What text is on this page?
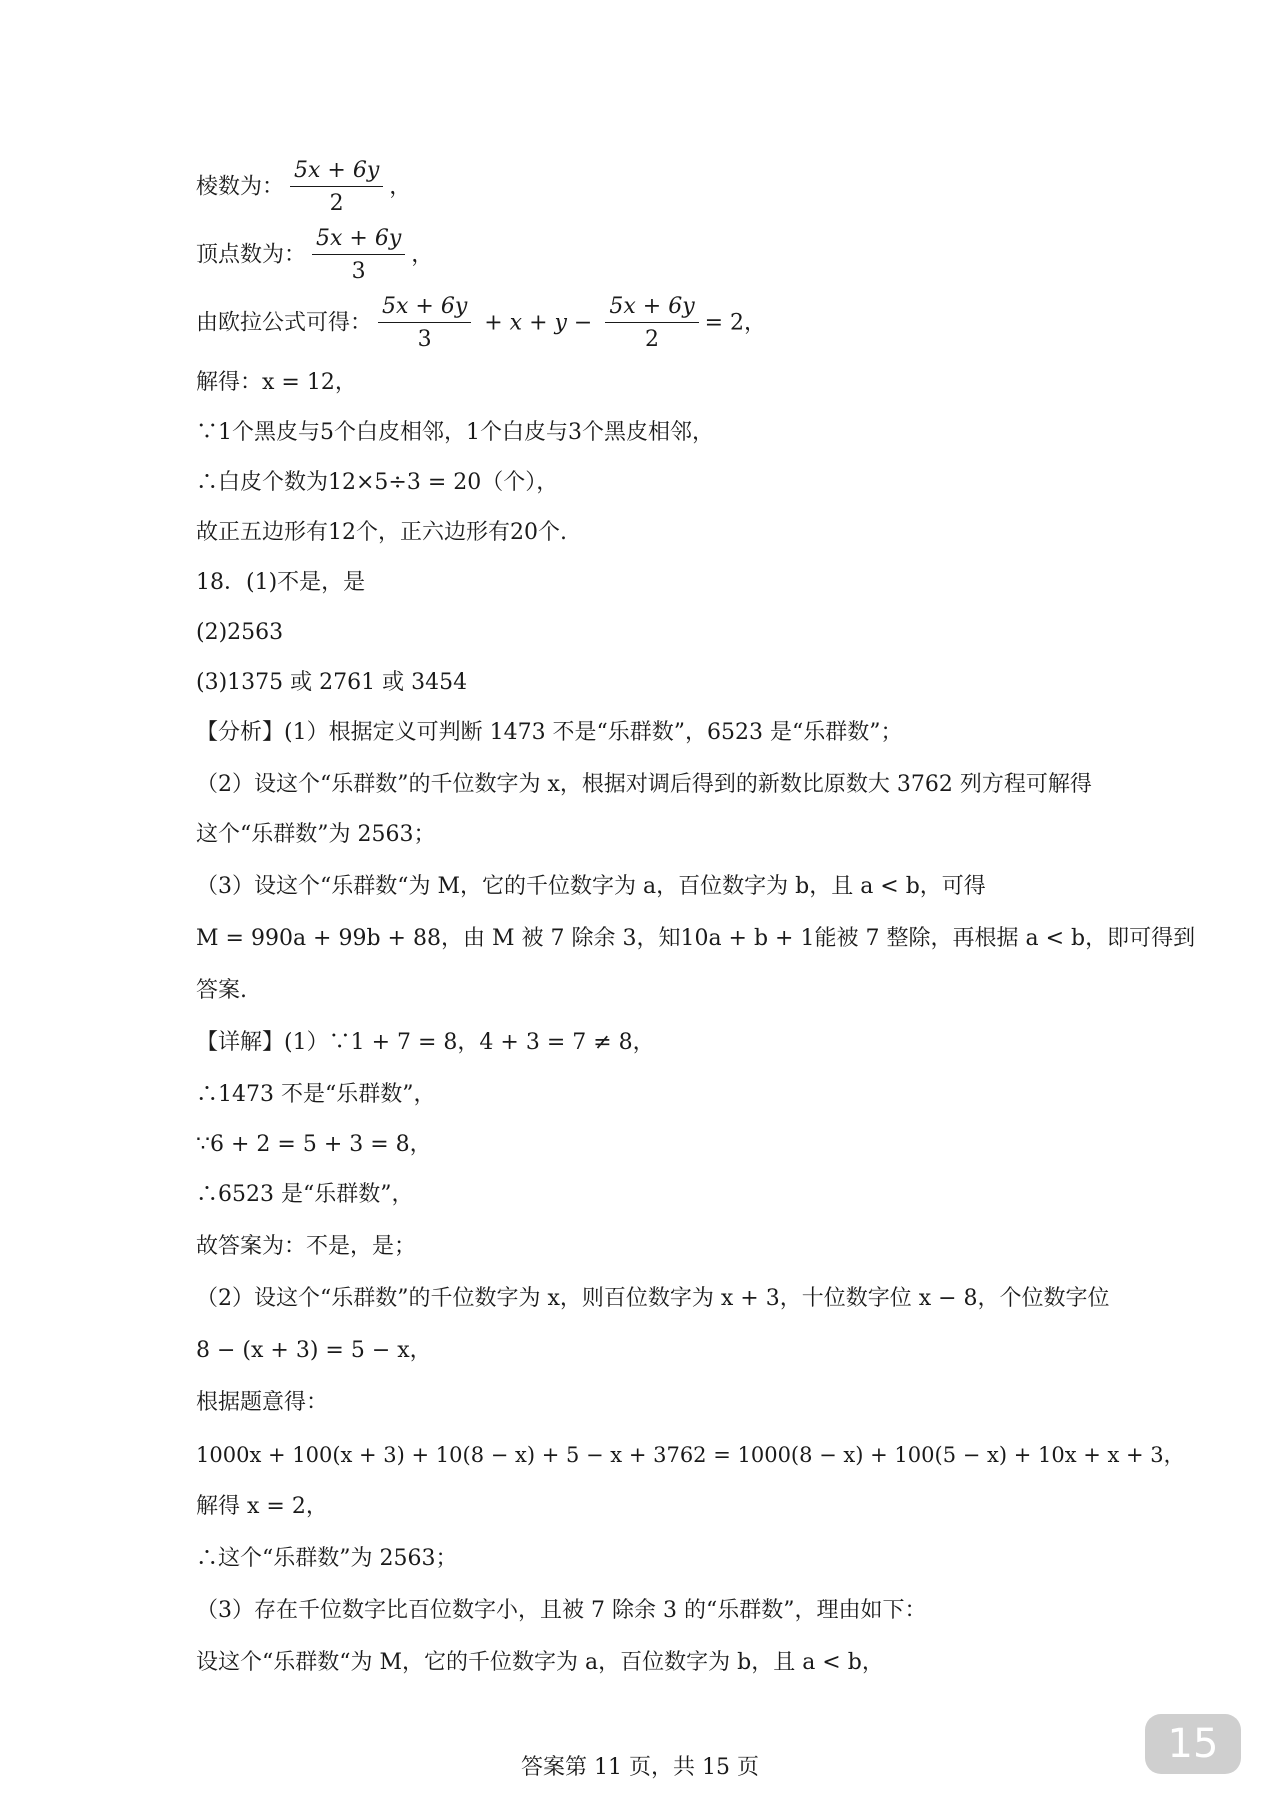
棱数为： $\frac{5x + 6y}{2}$ ，
顶点数为： $\frac{5x + 6y}{3}$ ，
由欧拉公式可得： $\frac{5x + 6y}{3} + x + y - \frac{5x + 6y}{2} = 2$，
解得：x = 12，
∵1个黑皮与5个白皮相邻，1个白皮与3个黑皮相邻，
∴白皮个数为12×5÷3 = 20（个），
故正五边形有12个，正六边形有20个.
18．(1)不是，是
(2)2563
(3)1375 或 2761 或 3454
【分析】(1）根据定义可判断 1473 不是“乐群数”，6523 是“乐群数”；
（2）设这个“乐群数”的千位数字为 x，根据对调后得到的新数比原数大 3762 列方程可解得
这个“乐群数”为 2563；
（3）设这个“乐群数“为 M，它的千位数字为 a，百位数字为 b，且 a < b，可得
M = 990a + 99b + 88，由 M 被 7 除余 3，知10a + b + 1能被 7 整除，再根据 a < b，即可得到
答案.
【详解】(1）∵1 + 7 = 8，4 + 3 = 7 ≠ 8，
∴1473 不是“乐群数”，
∵6 + 2 = 5 + 3 = 8，
∴6523 是“乐群数”，
故答案为：不是，是；
（2）设这个“乐群数”的千位数字为 x，则百位数字为 x + 3，十位数字位 x − 8，个位数字位
8 − (x + 3) = 5 − x，
根据题意得：
1000x + 100(x + 3) + 10(8 − x) + 5 − x + 3762 = 1000(8 − x) + 100(5 − x) + 10x + x + 3，
解得 x = 2，
∴这个“乐群数”为 2563；
（3）存在千位数字比百位数字小，且被 7 除余 3 的“乐群数”，理由如下：
设这个“乐群数“为 M，它的千位数字为 a，百位数字为 b，且 a < b，
答案第 11 页，共 15 页
15
